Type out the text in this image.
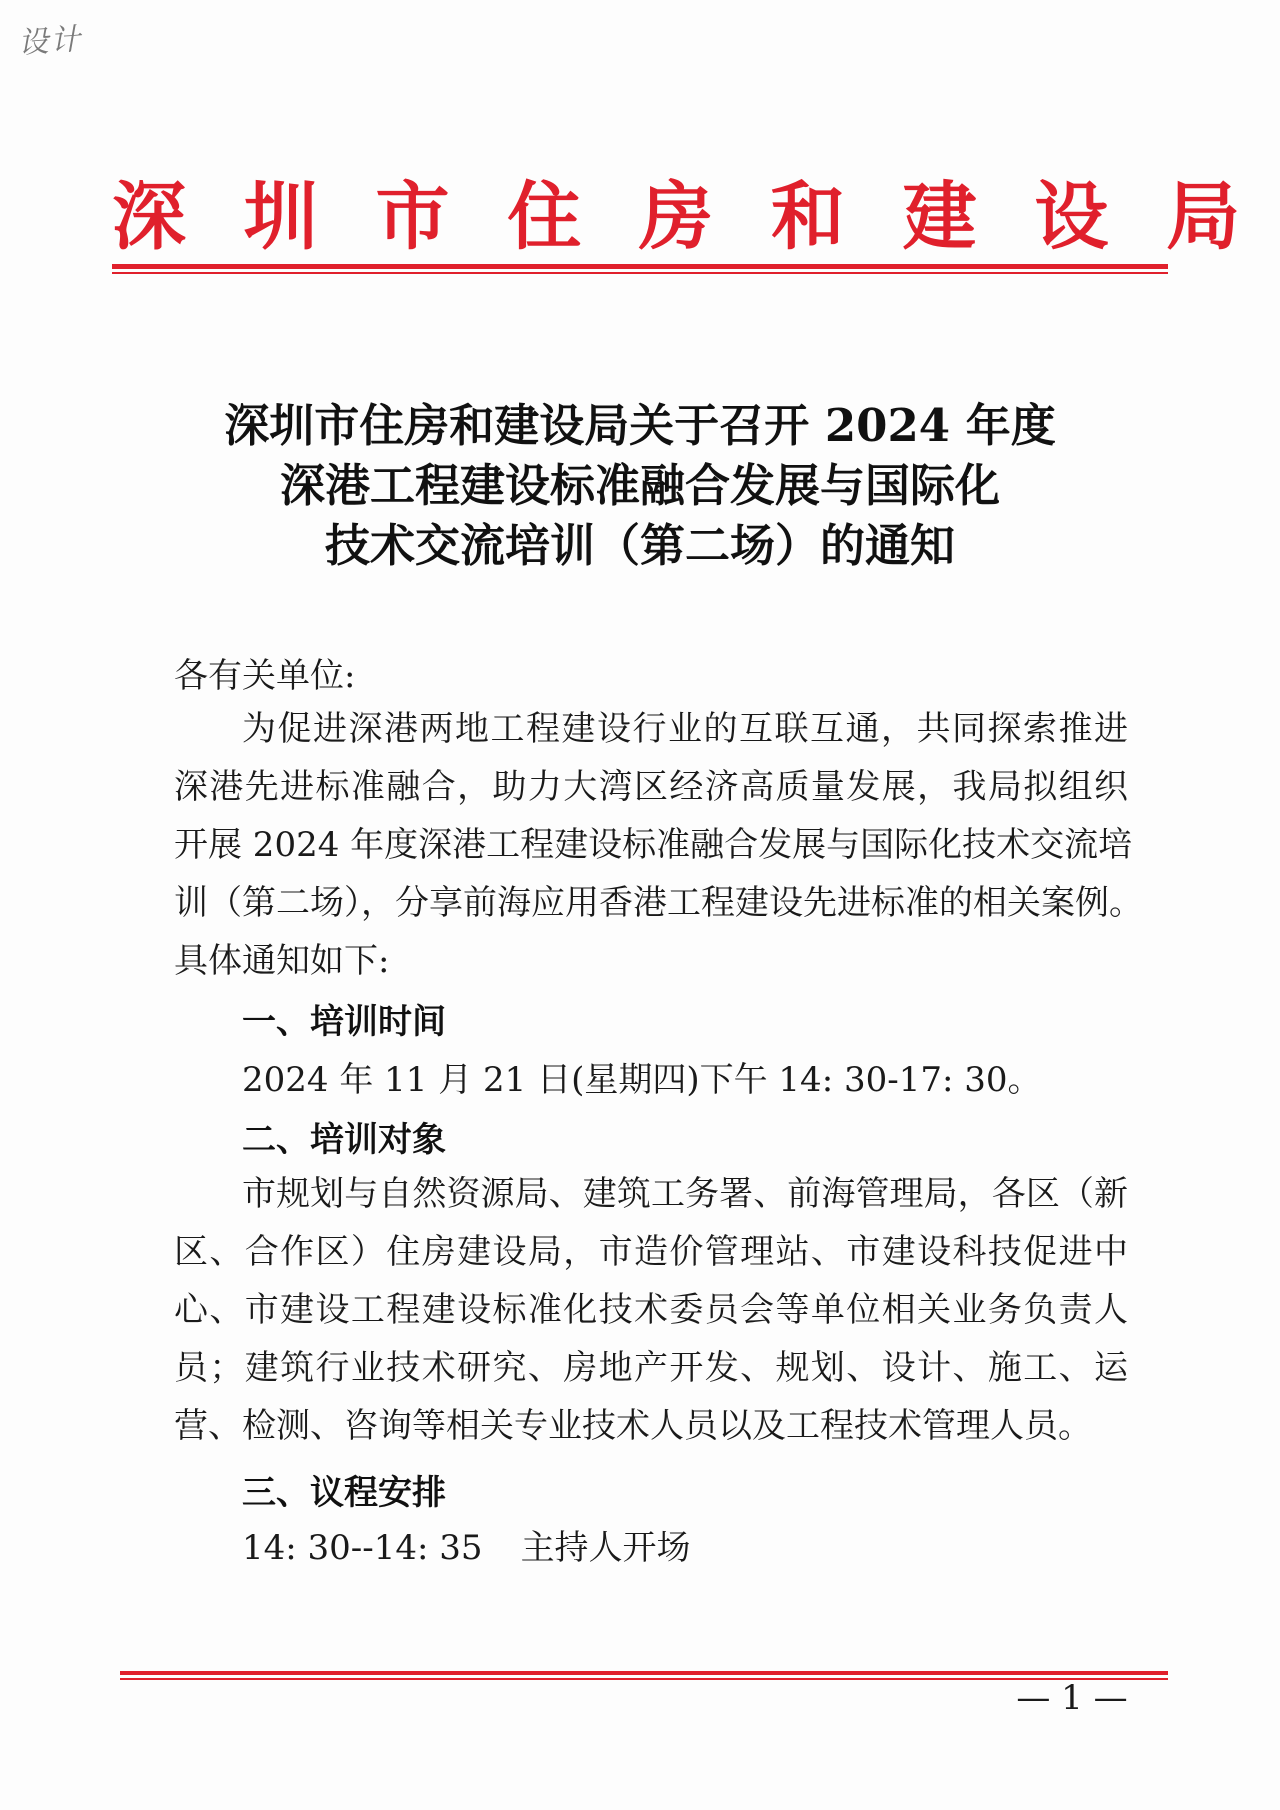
设计
深 圳 市 住 房 和 建 设 局
深圳市住房和建设局关于召开 2024 年度
深港工程建设标准融合发展与国际化
技术交流培训（第二场）的通知
各有关单位:
为促进深港两地工程建设行业的互联互通，共同探索推进
深港先进标准融合，助力大湾区经济高质量发展，我局拟组织
开展 2024 年度深港工程建设标准融合发展与国际化技术交流培
训（第二场），分享前海应用香港工程建设先进标准的相关案例。
具体通知如下:
一、培训时间
2024 年 11 月 21 日(星期四)下午 14: 30-17: 30。
二、培训对象
市规划与自然资源局、建筑工务署、前海管理局，各区（新
区、合作区）住房建设局，市造价管理站、市建设科技促进中
心、市建设工程建设标准化技术委员会等单位相关业务负责人
员；建筑行业技术研究、房地产开发、规划、设计、施工、运
营、检测、咨询等相关专业技术人员以及工程技术管理人员。
三、议程安排
14: 30--14: 35 主持人开场
— 1 —
